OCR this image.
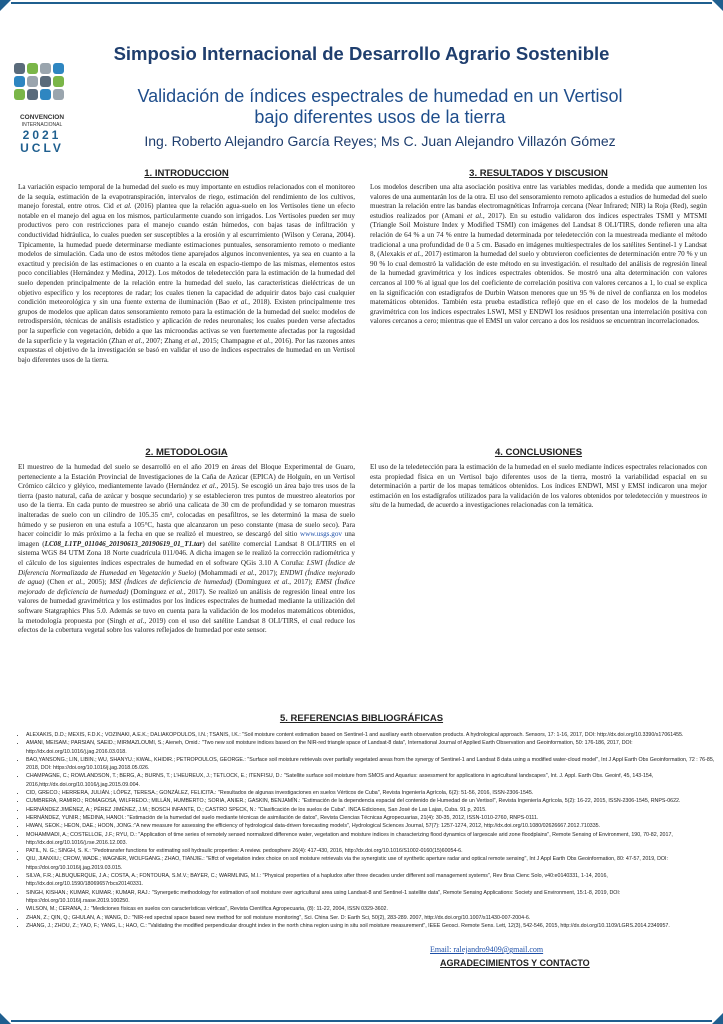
CONVENCION
INTERNACIONAL
2021
UCLV
Simposio Internacional de Desarrollo Agrario Sostenible
Validación de índices espectrales de humedad en un Vertisol
bajo diferentes usos de la tierra
Ing. Roberto Alejandro García Reyes; Ms C. Juan Alejandro Villazón Gómez
1. INTRODUCCION
La variación espacio temporal de la humedad del suelo es muy importante en estudios relacionados con el monitoreo de la sequía, estimación de la evapotranspiración, intervalos de riego, estimación del rendimiento de los cultivos, manejo forestal, entre otros. Cid et al. (2016) plantea que la relación agua-suelo en los Vertisoles tiene un efecto notable en el manejo del agua en los mismos, particularmente cuando son irrigados. Los Vertisoles pueden ser muy productivos pero con restricciones para el manejo cuando están húmedos, con bajas tasas de infiltración y conductividad hidráulica, lo cuales pueden ser susceptibles a la erosión y al escurrimiento (Wilson y Cerana, 2004). Típicamente, la humedad puede determinarse mediante estimaciones puntuales, sensoramiento remoto o mediante modelos de simulación. Cada uno de estos métodos tiene aparejados algunos inconvenientes, ya sea en cuanto a la exactitud y precisión de las estimaciones o en cuanto a la escala en espacio-tiempo de las mismas, elementos estos poco conciliables (Hernández y Medina, 2012). Los métodos de teledetección para la estimación de la humedad del suelo dependen principalmente de la relación entre la humedad del suelo, las características dieléctricas de un objetivo específico y los receptores de radar; los cuales tienen la capacidad de adquirir datos bajo casi cualquier condición meteorológica y sin una fuente externa de iluminación (Bao et al., 2018). Existen principalmente tres grupos de modelos que aplican datos sensoramiento remoto para la estimación de la humedad del suelo: modelos de retrodispersión, técnicas de análisis estadístico y aplicación de redes neuronales; los cuales pueden verse afectados por la superficie con vegetación, debido a que las microondas activas se ven fuertemente afectadas por la rugosidad de la superficie y la vegetación (Zhan et al., 2007; Zhang et al., 2015; Champagne et al., 2016). Por las razones antes expuestas el objetivo de la investigación se basó en validar el uso de índices espectrales de humedad en un Vertisol bajo diferentes usos de la tierra.
3. RESULTADOS Y DISCUSION
Los modelos describen una alta asociación positiva entre las variables medidas, donde a medida que aumenten los valores de una aumentarán los de la otra. El uso del sensoramiento remoto aplicados a estudios de humedad del suelo muestran la relación entre las bandas electromagnéticas Infrarroja cercana (Near Infrared; NIR) la Roja (Red), según estudios realizados por (Amani et al., 2017). En su estudio validaron dos índices espectrales TSMI y MTSMI (Triangle Soil Moisture Index y Modified TSMI) con imágenes del Landsat 8 OLI/TIRS, donde refieren una alta relación de 64 % a un 74 % entre la humedad determinada por teledetección con la muestreada mediante el método tradicional a una profundidad de 0 a 5 cm. Basado en imágenes multiespectrales de los satélites Sentinel-1 y Landsat 8, (Alexakis et al., 2017) estimaron la humedad del suelo y obtuvieron coeficientes de determinación entre 70 % y un 90 % lo cual demostró la validación de este método en su investigación. el resultado del análisis de regresión lineal de la humedad gravimétrica y los índices espectrales obtenidos. Se mostró una alta determinación con valores cercanos al 100 % al igual que los del coeficiente de correlación positiva con valores cercanos a 1, lo cual se explica en la significación con estadígrafos de Durbin Watson menores que un 95 % de nivel de confianza en los modelos matemáticos obtenidos. También esta prueba estadística reflejó que en el caso de los modelos de la humedad gravimétrica con los índices espectrales LSWI, MSI y ENDWI los residuos presentan una interrelación positiva con valores cercanos a cero; mientras que el EMSI un valor cercano a dos los residuos se encuentran incorrelacionados.
2. METODOLOGIA
El muestreo de la humedad del suelo se desarrolló en el año 2019 en áreas del Bloque Experimental de Guaro, perteneciente a la Estación Provincial de Investigaciones de la Caña de Azúcar (EPICA) de Holguín, en un Vertisol Crómico cálcico y gléyico, mediantemente lavado (Hernández et al., 2015). Se escogió un área bajo tres usos de la tierra (pasto natural, caña de azúcar y bosque secundario) y se establecieron tres puntos de muestreo aleatorios por uso de la tierra. En cada punto de muestreo se abrió una calicata de 30 cm de profundidad y se tomaron muestras inalteradas de suelo con un cilindro de 105.35 cm³, colocadas en pesafiltros, se les determinó la masa de suelo húmedo y se pusieron en una estufa a 105°C, hasta que alcanzaron un peso constante (masa de suelo seco). Para hacer coincidir lo más próximo a la fecha en que se realizó el muestreo, se descargó del sitio www.usgs.gov una imagen (LC08_L1TP_011046_20190613_20190619_01_T1.tar) del satélite comercial Landsat 8 OLI/TIRS en el sistema WGS 84 UTM Zona 18 Norte cuadrícula 011/046. A dicha imagen se le realizó la corrección radiométrica y el cálculo de los siguientes índices espectrales de humedad en el software QGis 3.10 A Coruña: LSWI (Índice de Diferencia Normalizada de Humedad en Vegetación y Suelo) (Mohammadi et al., 2017); ENDWI (Índice mejorado de agua) (Chen et al., 2005); MSI (Índices de deficiencia de humedad) (Domínguez et al., 2017); EMSI (Índice mejorado de deficiencia de humedad) (Domínguez et al., 2017). Se realizó un análisis de regresión lineal entre los valores de humedad gravimétrica y los estimados por los índices espectrales de humedad mediante la utilización del software Statgraphics Plus 5.0. Además se tuvo en cuenta para la validación de los modelos matemáticos obtenidos, la metodología propuesta por (Singh et al., 2019) con el uso del satélite Landsat 8 OLI/TIRS, el cual reduce los efectos de la cobertura vegetal sobre los valores reflejados de humedad por este sensor.
4. CONCLUSIONES
El uso de la teledetección para la estimación de la humedad en el suelo mediante índices espectrales relacionados con esta propiedad física en un Vertisol bajo diferentes usos de la tierra, mostró la variabilidad espacial en su determinación a partir de los mapas temáticos obtenidos. Los índices ENDWI, MSI y EMSI indicaron una mejor estimación en los estadígrafos utilizados para la validación de los valores obtenidos por teledetección y muestreos in situ de la humedad, de acuerdo a investigaciones relacionadas con la temática.
5. REFERENCIAS BIBLIOGRÁFICAS
• ALEXAKIS, D.D.; MEXIS, F.D.K.; VOZINAKI, A.E.K.; DALIAKOPOULOS, I.N.; TSANIS, I.K.: "Soil moisture content estimation based on Sentinel-1 and auxiliary earth observation products. A hydrological approach. Sensors, 17: 1-16, 2017, DOI: http://dx.doi.org/10.3390/s17061455.
• AMANI, MEISAM.; PARSIAN, SAEID.; MIRMAZLOUMI, S.; Aieneh, Omid.: "Two new soil moisture indices based on the NIR-red triangle space of Landsat-8 data", International Journal of Applied Earth Observation and Geoinformation, 50: 176-186, 2017, DOI: http://dx.doi.org/10.1016/j.jag.2016.03.018.
• BAO,YANSONG.; LIN, LIBIN.; WU, SHANYU.; KWAL, KHIDIR.; PETROPOULOS, GEORGE.: "Surface soil moisture retrievals over partially vegetated areas from the synergy of Sentinel-1 and Landsat 8 data using a modified water-cloud model", Int J Appl Earth Obs Geoinformation, 72 : 76-85, 2018, DOI: https://doi.org/10.1016/j.jag.2018.05.026.
• CHAMPAGNE, C.; ROWLANDSON, T.; BERG, A.; BURNS, T.; L'HEUREUX, J.; TETLOCK, E.; ITENFISU, D.: "Satellite surface soil moisture from SMOS and Aquarius: assessment for applications in agricultural landscapes", Int. J. Appl. Earth Obs. Geoinf, 45, 143-154, 2016,http://dx.doi.org/10.1016/j.jag.2015.09.004.
• CID, GRECO.; HERRERA, JULIÁN.; LÓPEZ, TERESA.; GONZÁLEZ, FELICITA.: "Resultados de algunas investigaciones en suelos Vérticos de Cuba", Revista Ingeniería Agrícola, 6(2): 51-56, 2016, ISSN-2306-1545.
• CUMBRERA, RAMIRO.; ROMAGOSA, WILFREDO.; MILLÁN, HUMBERTO.; SORIA, ANIER.; GASKIN, BENJAMÍN.: "Estimación de la dependencia espacial del contenido de Humedad de un Vertisol", Revista Ingeniería Agrícola, 5(2): 16-22, 2015, ISSN-2306-1545, RNPS-0622.
• HERNÁNDEZ JIMÉNEZ, A.; PÉREZ JIMÉNEZ, J.M.; BOSCH INFANTE, D.; CASTRO SPECK, N.: "Clasificación de los suelos de Cuba". INCA Ediciones, San José de Las Lajas, Cuba. 91 p, 2015.
• HERNÁNDEZ, YUNIR.; MEDINA, HANOI.: "Estimación de la humedad del suelo mediante técnicas de asimilación de datos", Revista Ciencias Técnicas Agropecuarias, 21(4): 30-35, 2012, ISSN-1010-2760, RNPS-0111.
• HWAN, SEOK.; HEON, DAE.; HOON, JONG.:"A new measure for assessing the efficiency of hydrological data-driven forecasting models", Hydrological Sciences Journal, 57(7): 1257-1274, 2012, http://dx.doi.org/10.1080/02626667.2012.710335.
• MOHAMMADI, A.; COSTELLOE, J.F.; RYU, D.: "Application of time series of remotely sensed normalized difference water, vegetation and moisture indices in characterizing flood dynamics of largescale arid zone floodplains", Remote Sensing of Environment, 190, 70-82, 2017, http://dx.doi.org/10.1016/j.rse.2016.12.003.
• PATIL, N. G.; SINGH, S. K.: "Pedotransfer functions for estimating soil hydraulic properties: A review. pedosphere 26(4): 417-430, 2016, http://dx.doi.org/10.1016/S1002-0160(15)60054-6.
• QIU, JIANXIU.; CROW, WADE.; WAGNER, WOLFGANG.; ZHAO, TIANJIE.: "Effct of vegetation index choice on soil moisture retrievals via the synergistic use of synthetic aperture radar and optical remote sensing", Int J Appl Earth Obs Geoinformation, 80: 47-57, 2019, DOI: https://doi.org/10.1016/j.jag.2019.03.015.
• SILVA, F.R.; ALBUQUERQUE, J.A.; COSTA, A.; FONTOURA, S.M.V.; BAYER, C.; WARMLING, M.I.: "Physical properties of a hapludox after three decades under different soil management systems", Rev Bras Cienc Solo, v40:e0140331, 1-14, 2016, http://dx.doi.org/10.1590/18069657rbcs20140331.
• SINGH, KISHAN.; KUMAR, KUMAR.; KUMAR, RAJ.: "Synergetic methodology for estimation of soil moisture over agricultural area using Landsat-8 and Sentinel-1 satellite data", Remote Sensing Applications: Society and Environment, 15:1-8, 2019, DOI: https://doi.org/10.1016/j.rsase.2019.100250.
• WILSON, M.; CERANA, J.: "Mediciones físicas en suelos con características vérticas", Revista Científica Agropecuaria, (8): 11-22, 2004, ISSN 0329-3602.
• ZHAN, Z.; QIN, Q.; GHULAN, A.; WANG, D.: "NIR-red spectral space based new method for soil moisture monitoring", Sci. China Ser. D: Earth Sci, 50(2), 283-289. 2007, http://dx.doi.org/10.1007/s11430-007-2004-6.
• ZHANG, J.; ZHOU, Z.; YAO, F.; YANG, L.; HAO, C.: "Validating the modified perpendicular drought index in the north china region using in situ soil moisture measurement", IEEE Geosci. Remote Sens. Lett, 12(3), 542-546, 2015, http://dx.doi.org/10.1109/LGRS.2014.2349957.
Email: ralejandro9409@gmail.com
AGRADECIMIENTOS Y CONTACTO
